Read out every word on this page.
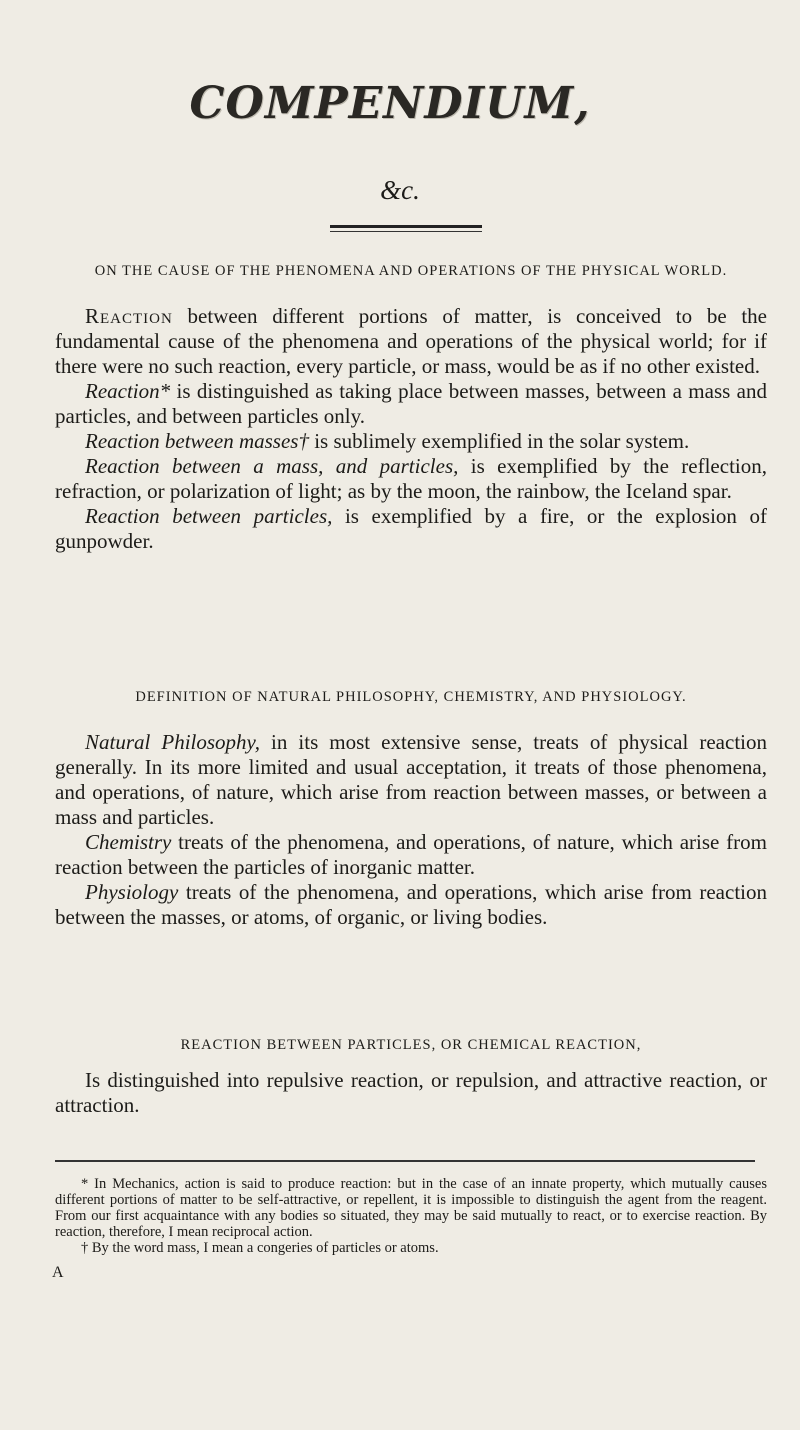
COMPENDIUM,
&c.
ON THE CAUSE OF THE PHENOMENA AND OPERATIONS OF THE PHYSICAL WORLD.

Reaction between different portions of matter, is conceived to be the fundamental cause of the phenomena and operations of the physical world; for if there were no such reaction, every particle, or mass, would be as if no other existed.

Reaction* is distinguished as taking place between masses, between a mass and particles, and between particles only.

Reaction between masses† is sublimely exemplified in the solar system.

Reaction between a mass, and particles, is exemplified by the reflection, refraction, or polarization of light; as by the moon, the rainbow, the Iceland spar.

Reaction between particles, is exemplified by a fire, or the explosion of gunpowder.

DEFINITION OF NATURAL PHILOSOPHY, CHEMISTRY, AND PHYSIOLOGY.

Natural Philosophy, in its most extensive sense, treats of physical reaction generally. In its more limited and usual acceptation, it treats of those phenomena, and operations, of nature, which arise from reaction between masses, or between a mass and particles.

Chemistry treats of the phenomena, and operations, of nature, which arise from reaction between the particles of inorganic matter.

Physiology treats of the phenomena, and operations, which arise from reaction between the masses, or atoms, of organic, or living bodies.

REACTION BETWEEN PARTICLES, OR CHEMICAL REACTION,

Is distinguished into repulsive reaction, or repulsion, and attractive reaction, or attraction.

* In Mechanics, action is said to produce reaction: but in the case of an innate property, which mutually causes different portions of matter to be self-attractive, or repellent, it is impossible to distinguish the agent from the reagent. From our first acquaintance with any bodies so situated, they may be said mutually to react, or to exercise reaction. By reaction, therefore, I mean reciprocal action.

† By the word mass, I mean a congeries of particles or atoms.

A
